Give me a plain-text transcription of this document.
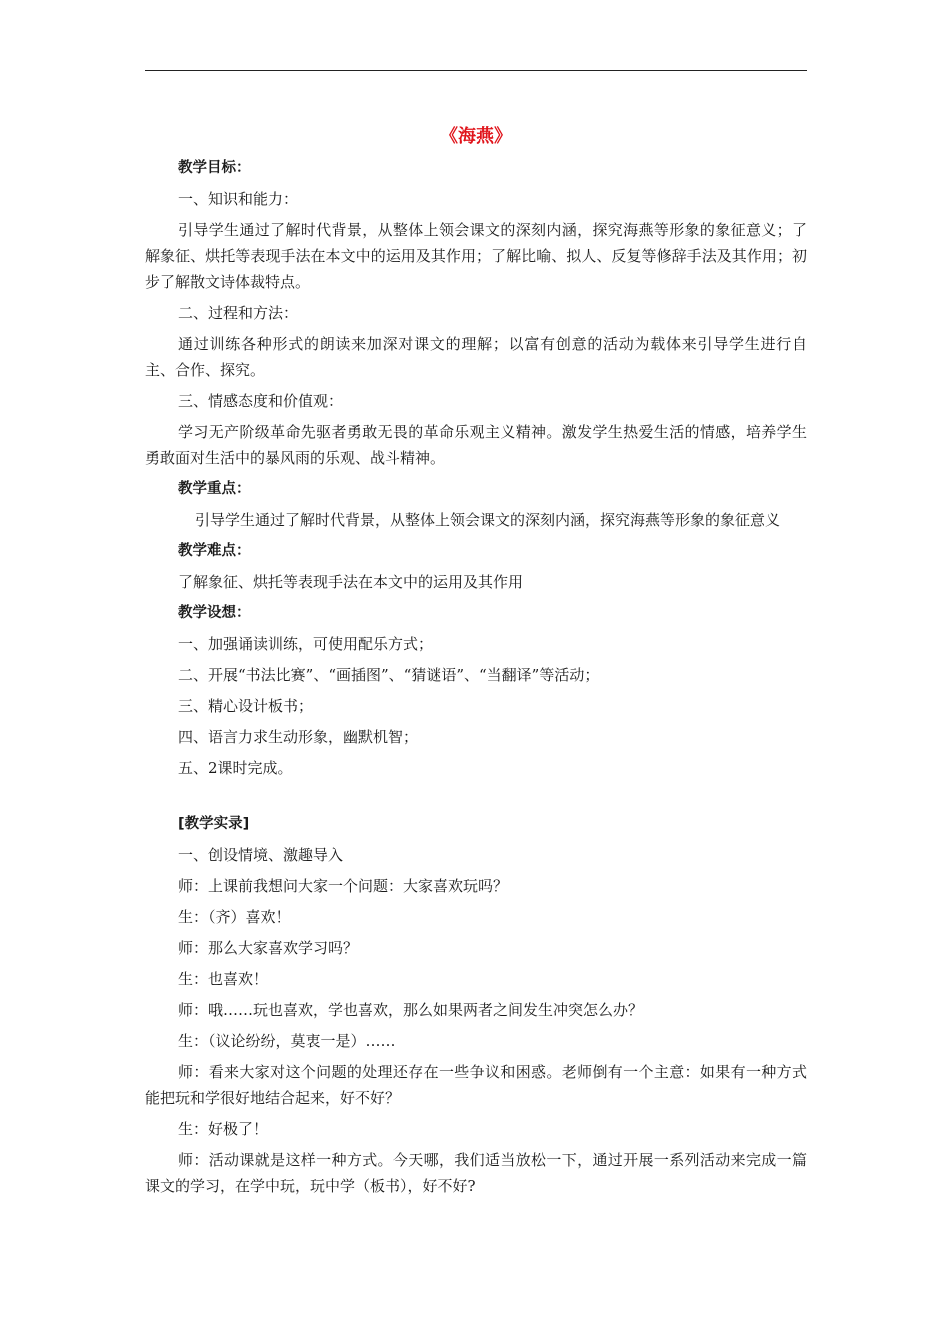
《海燕》

教学目标：

一、知识和能力：

引导学生通过了解时代背景，从整体上领会课文的深刻内涵，探究海燕等形象的象征意义；了解象征、烘托等表现手法在本文中的运用及其作用；了解比喻、拟人、反复等修辞手法及其作用；初步了解散文诗体裁特点。

二、过程和方法：

通过训练各种形式的朗读来加深对课文的理解；以富有创意的活动为载体来引导学生进行自主、合作、探究。

三、情感态度和价值观：

学习无产阶级革命先驱者勇敢无畏的革命乐观主义精神。激发学生热爱生活的情感，培养学生勇敢面对生活中的暴风雨的乐观、战斗精神。

教学重点：

引导学生通过了解时代背景，从整体上领会课文的深刻内涵，探究海燕等形象的象征意义

教学难点：

了解象征、烘托等表现手法在本文中的运用及其作用

教学设想：

一、加强诵读训练，可使用配乐方式；

二、开展“书法比赛”、“画插图”、“猜谜语”、“当翻译”等活动；

三、精心设计板书；

四、语言力求生动形象，幽默机智；

五、2课时完成。

[教学实录]

一、创设情境、激趣导入

师：上课前我想问大家一个问题：大家喜欢玩吗？

生：（齐）喜欢！

师：那么大家喜欢学习吗？

生：也喜欢！

师：哦……玩也喜欢，学也喜欢，那么如果两者之间发生冲突怎么办？

生：（议论纷纷，莫衷一是）……

师：看来大家对这个问题的处理还存在一些争议和困惑。老师倒有一个主意：如果有一种方式能把玩和学很好地结合起来，好不好？

生：好极了！

师：活动课就是这样一种方式。今天哪，我们适当放松一下，通过开展一系列活动来完成一篇课文的学习，在学中玩，玩中学（板书），好不好?
